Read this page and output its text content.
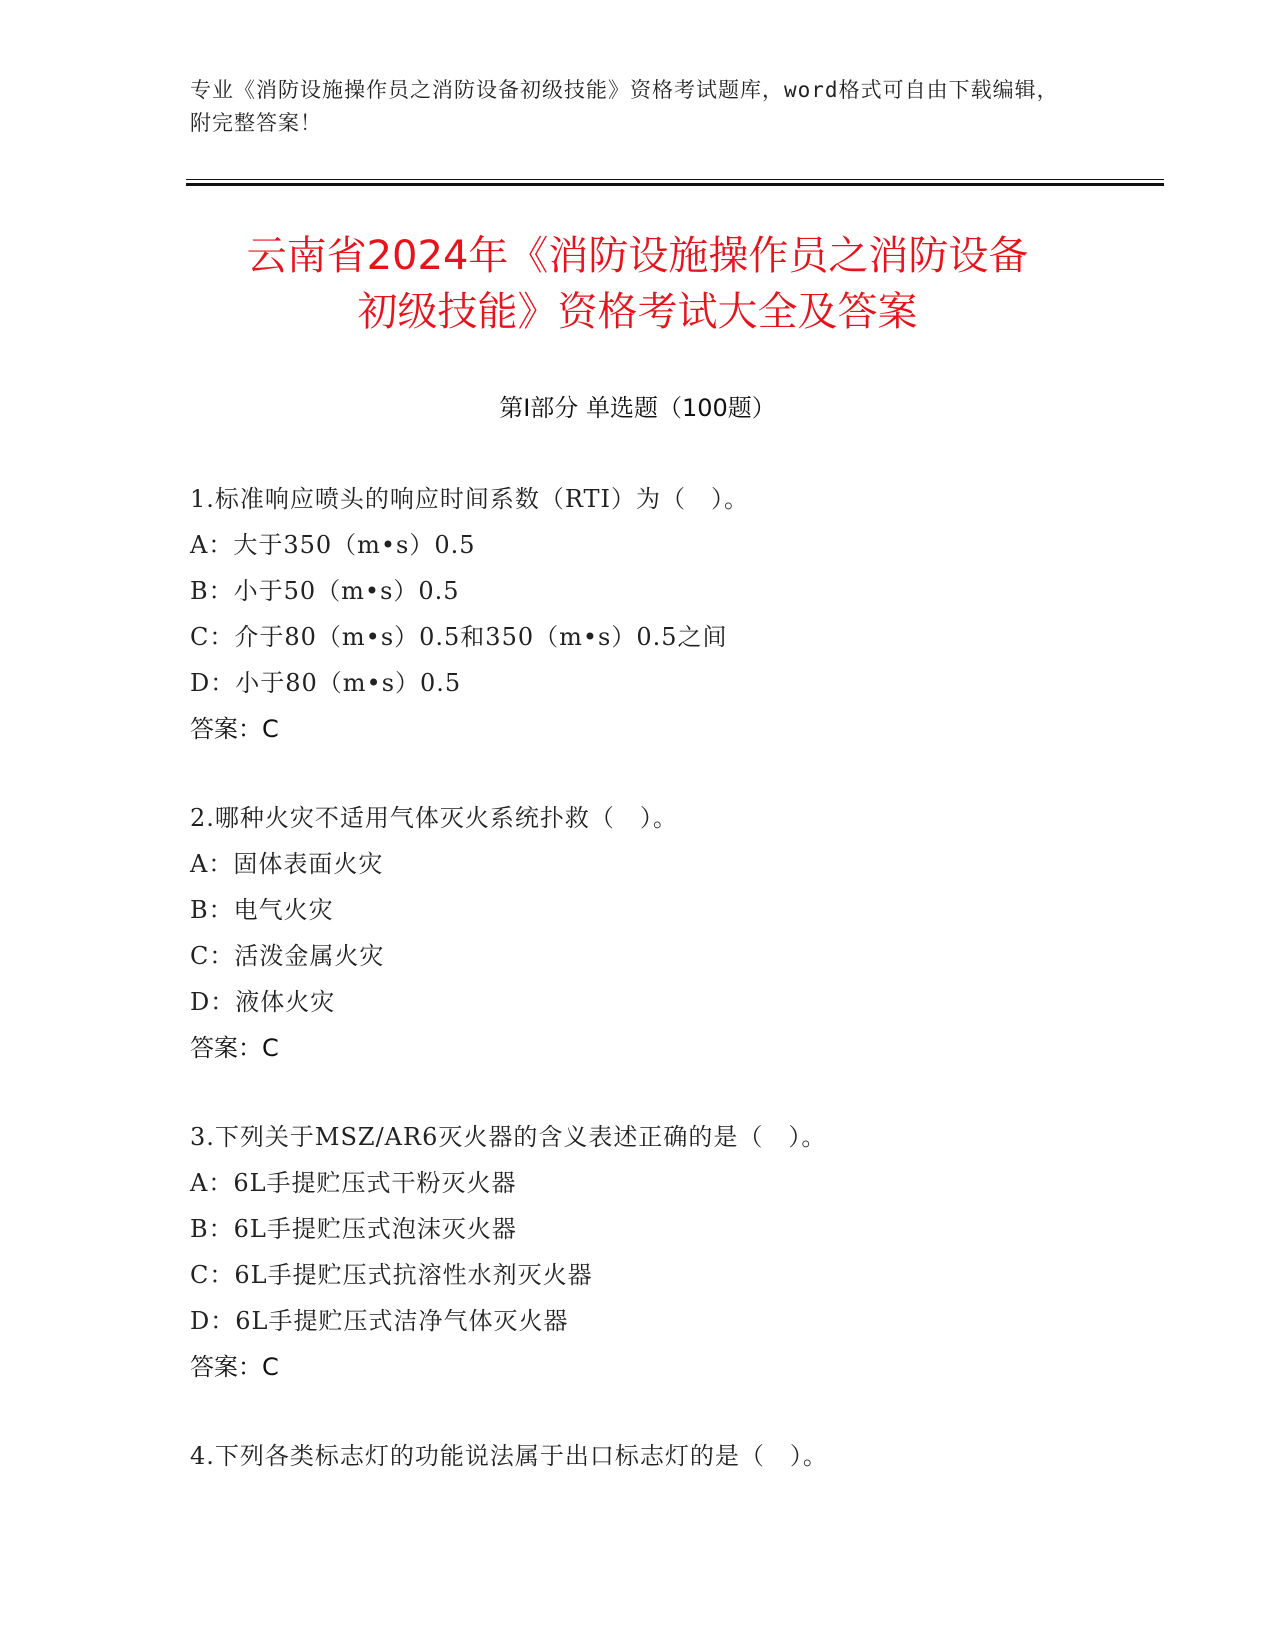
专业《消防设施操作员之消防设备初级技能》资格考试题库，word格式可自由下载编辑，附完整答案！
云南省2024年《消防设施操作员之消防设备
初级技能》资格考试大全及答案
第Ⅰ部分 单选题（100题）
1.标准响应喷头的响应时间系数（RTI）为（　）。
A：大于350（m•s）0.5
B：小于50（m•s）0.5
C：介于80（m•s）0.5和350（m•s）0.5之间
D：小于80（m•s）0.5
答案：C
2.哪种火灾不适用气体灭火系统扑救（　）。
A：固体表面火灾
B：电气火灾
C：活泼金属火灾
D：液体火灾
答案：C
3.下列关于MSZ/AR6灭火器的含义表述正确的是（　）。
A：6L手提贮压式干粉灭火器
B：6L手提贮压式泡沫灭火器
C：6L手提贮压式抗溶性水剂灭火器
D：6L手提贮压式洁净气体灭火器
答案：C
4.下列各类标志灯的功能说法属于出口标志灯的是（　）。
